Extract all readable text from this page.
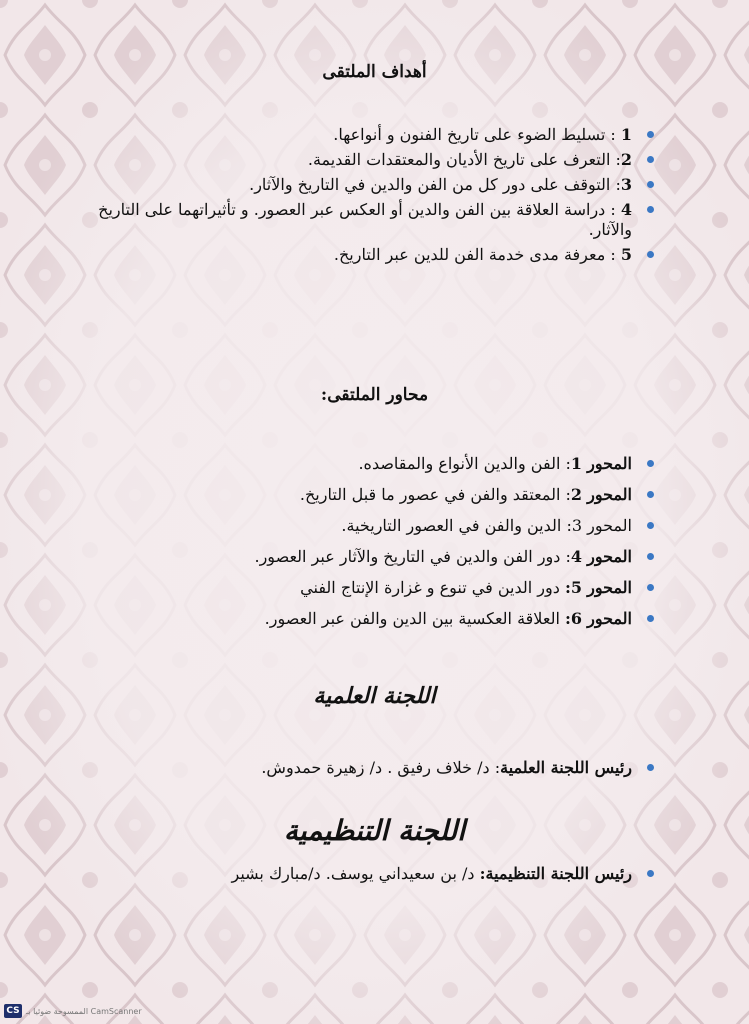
أهداف الملتقى
1 : تسليط الضوء على تاريخ الفنون و أنواعها.
2: التعرف على تاريخ الأديان والمعتقدات القديمة.
3: التوقف على دور كل من الفن والدين في التاريخ والآثار.
4 : دراسة العلاقة بين الفن والدين أو العكس عبر العصور. و تأثيراتهما على التاريخ والآثار.
5 : معرفة مدى خدمة الفن للدين عبر التاريخ.
محاور الملتقى:
المحور 1: الفن والدين الأنواع والمقاصده.
المحور 2: المعتقد والفن في عصور ما قبل التاريخ.
المحور 3: الدين والفن في العصور التاريخية.
المحور 4: دور الفن والدين في التاريخ والآثار عبر العصور.
المحور 5: دور الدين في تنوع و غزارة الإنتاج الفني
المحور 6: العلاقة العكسية بين الدين والفن عبر العصور.
اللجنة العلمية
رئيس اللجنة العلمية: د/ خلاف رفيق . د/ زهيرة حمدوش.
اللجنة التنظيمية
رئيس اللجنة التنظيمية: د/ بن سعيداني يوسف. د/مبارك بشير
CS الممسوحة ضوئيا بـ CamScanner
